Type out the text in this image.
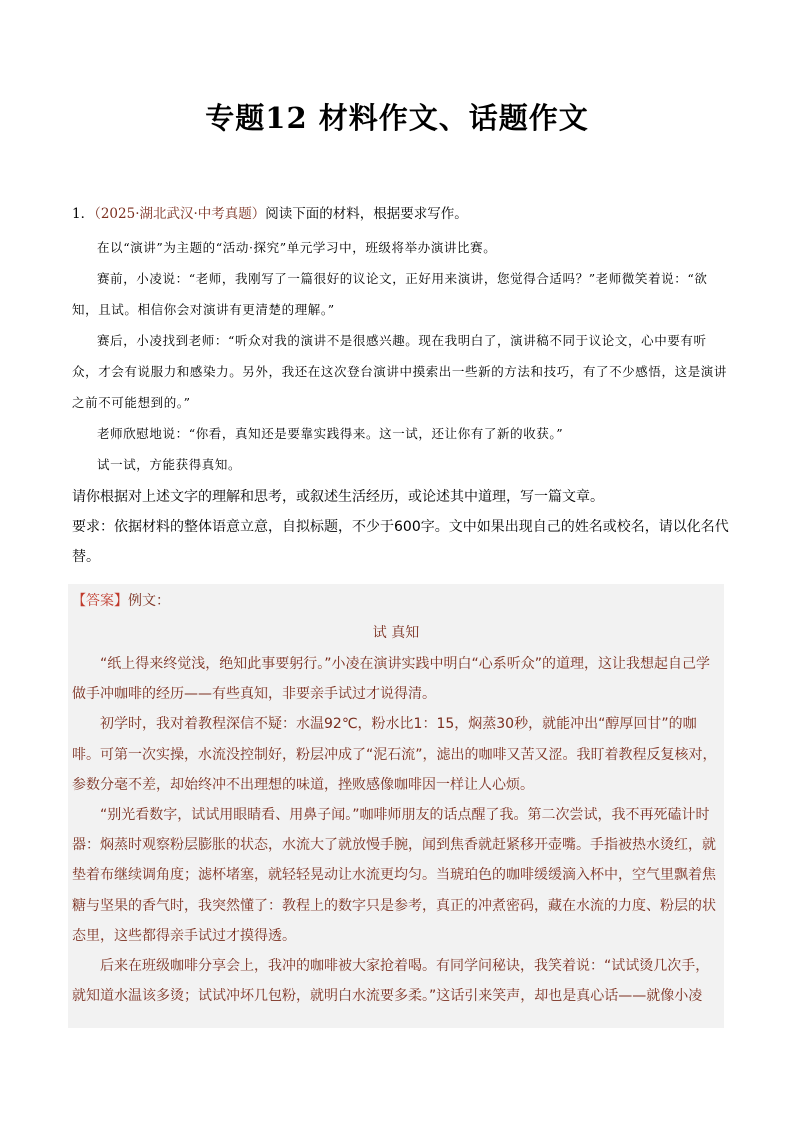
专题12 材料作文、话题作文
1．（2025·湖北武汉·中考真题）阅读下面的材料，根据要求写作。

在以“演讲”为主题的“活动·探究”单元学习中，班级将举办演讲比赛。

赛前，小凌说：“老师，我刚写了一篇很好的议论文，正好用来演讲，您觉得合适吗？”老师微笑着说：“欲知，且试。相信你会对演讲有更清楚的理解。”

赛后，小凌找到老师：“听众对我的演讲不是很感兴趣。现在我明白了，演讲稿不同于议论文，心中要有听众，才会有说服力和感染力。另外，我还在这次登台演讲中摸索出一些新的方法和技巧，有了不少感悟，这是演讲之前不可能想到的。”

老师欣慰地说：“你看，真知还是要靠实践得来。这一试，还让你有了新的收获。”

试一试，方能获得真知。

请你根据对上述文字的理解和思考，或叙述生活经历，或论述其中道理，写一篇文章。

要求：依据材料的整体语意立意，自拟标题，不少于600字。文中如果出现自己的姓名或校名，请以化名代替。

【答案】例文：
试 真知

“纸上得来终觉浅，绝知此事要躬行。”小凌在演讲实践中明白“心系听众”的道理，这让我想起自己学做手冲咖啡的经历——有些真知，非要亲手试过才说得清。

初学时，我对着教程深信不疑：水温92℃，粉水比1：15，焖蒸30秒，就能冲出“醇厚回甘”的咖啡。可第一次实操，水流没控制好，粉层冲成了“泥石流”，滤出的咖啡又苦又涩。我盯着教程反复核对，参数分毫不差，却始终冲不出理想的味道，挫败感像咖啡因一样让人心烦。

“别光看数字，试试用眼睛看、用鼻子闻。”咖啡师朋友的话点醒了我。第二次尝试，我不再死磕计时器：焖蒸时观察粉层膨胀的状态，水流大了就放慢手腕，闻到焦香就赶紧移开壶嘴。手指被热水烫红，就垫着布继续调角度；滤杯堵塞，就轻轻晃动让水流更均匀。当琥珀色的咖啡缓缓滴入杯中，空气里飘着焦糖与坚果的香气时，我突然懂了：教程上的数字只是参考，真正的冲煮密码，藏在水流的力度、粉层的状态里，这些都得亲手试过才摸得透。

后来在班级咖啡分享会上，我冲的咖啡被大家抢着喝。有同学问秘诀，我笑着说：“试试烫几次手，就知道水温该多烫；试试冲坏几包粉，就明白水流要多柔。”这话引来笑声，却也是真心话——就像小凌
